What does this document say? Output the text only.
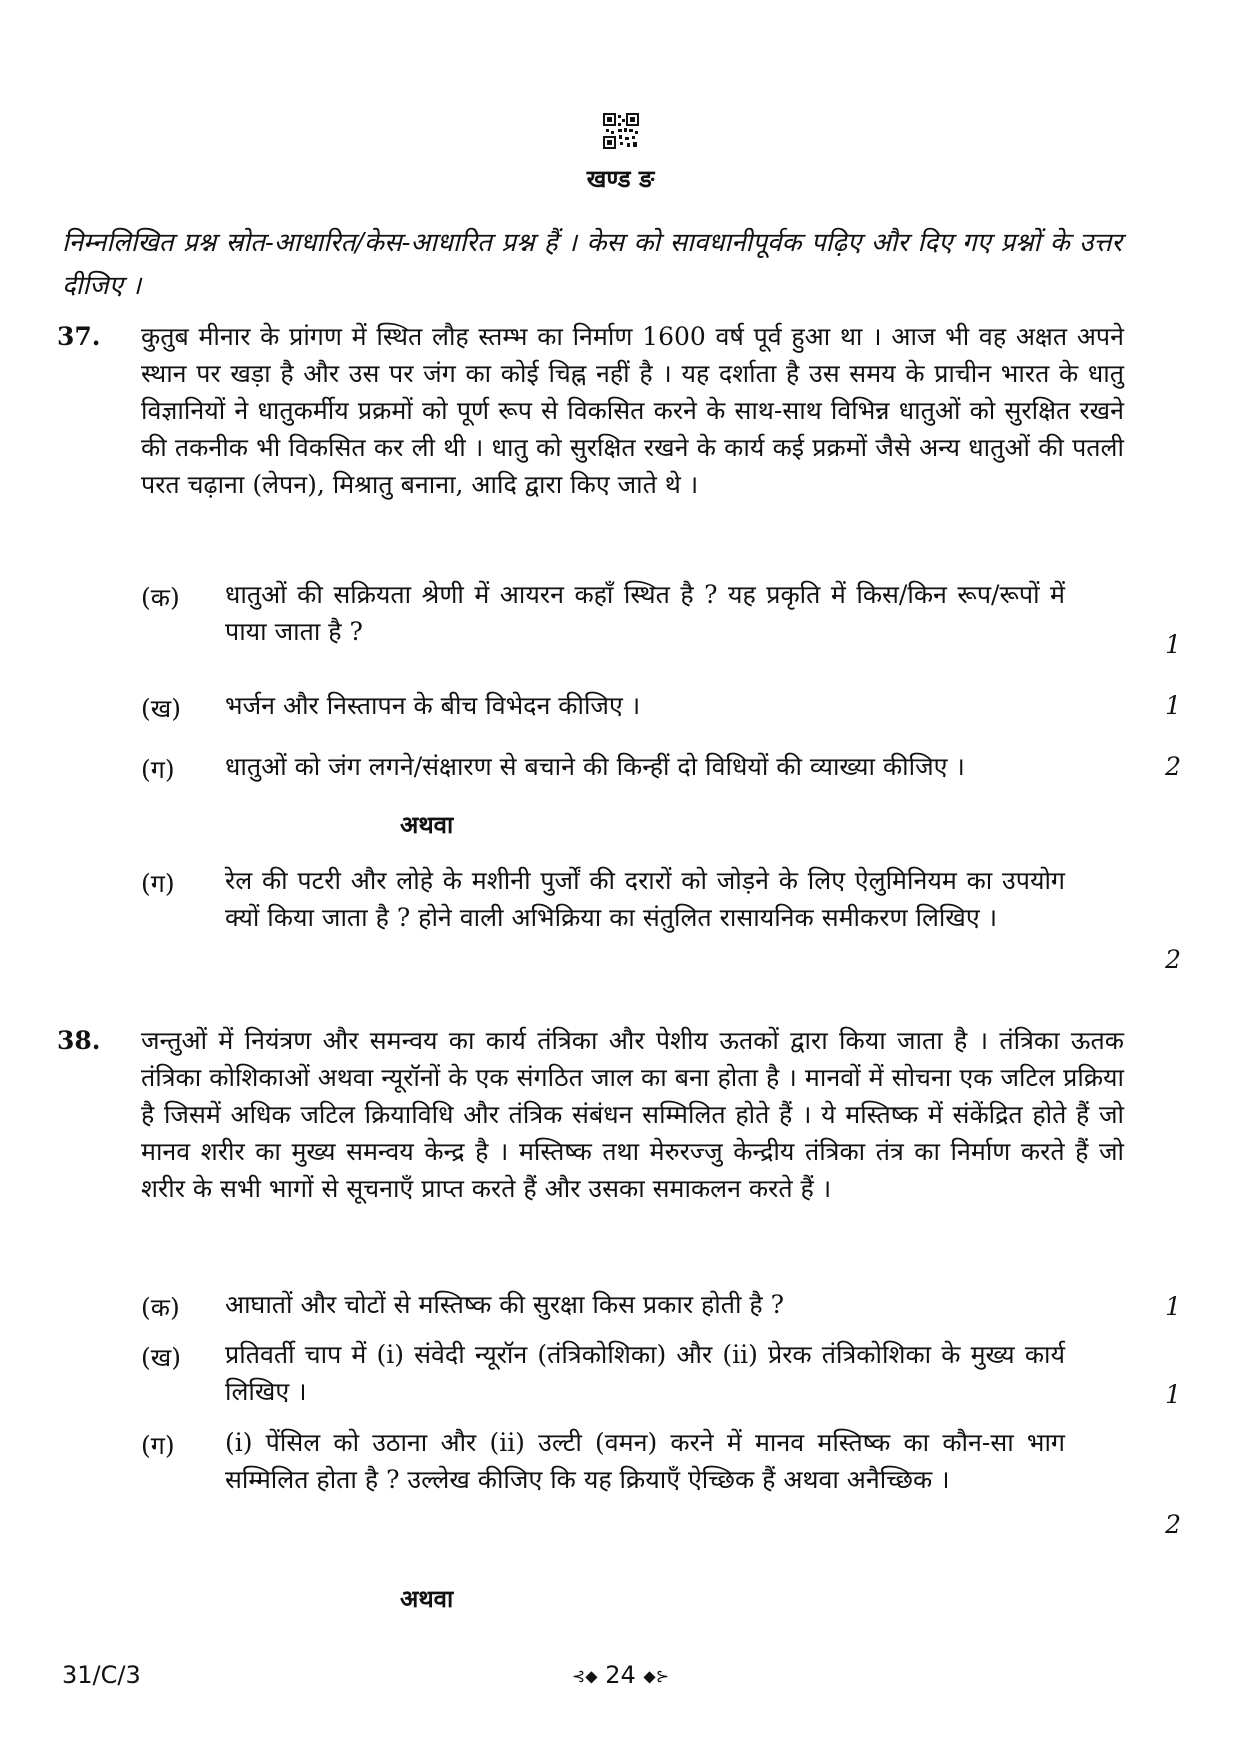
खण्ड ङ
निम्नलिखित प्रश्न स्रोत-आधारित/केस-आधारित प्रश्न हैं । केस को सावधानीपूर्वक पढ़िए और दिए गए प्रश्नों के उत्तर दीजिए ।
37. कुतुब मीनार के प्रांगण में स्थित लौह स्तम्भ का निर्माण 1600 वर्ष पूर्व हुआ था । आज भी वह अक्षत अपने स्थान पर खड़ा है और उस पर जंग का कोई चिह्न नहीं है । यह दर्शाता है उस समय के प्राचीन भारत के धातु विज्ञानियों ने धातुकर्मीय प्रक्रमों को पूर्ण रूप से विकसित करने के साथ-साथ विभिन्न धातुओं को सुरक्षित रखने की तकनीक भी विकसित कर ली थी । धातु को सुरक्षित रखने के कार्य कई प्रक्रमों जैसे अन्य धातुओं की पतली परत चढ़ाना (लेपन), मिश्रातु बनाना, आदि द्वारा किए जाते थे ।
(क) धातुओं की सक्रियता श्रेणी में आयरन कहाँ स्थित है ? यह प्रकृति में किस/किन रूप/रूपों में पाया जाता है ?	1
(ख) भर्जन और निस्तापन के बीच विभेदन कीजिए ।	1
(ग) धातुओं को जंग लगने/संक्षारण से बचाने की किन्हीं दो विधियों की व्याख्या कीजिए ।	2
अथवा
(ग) रेल की पटरी और लोहे के मशीनी पुर्जों की दरारों को जोड़ने के लिए ऐलुमिनियम का उपयोग क्यों किया जाता है ? होने वाली अभिक्रिया का संतुलित रासायनिक समीकरण लिखिए ।
2
38. जन्तुओं में नियंत्रण और समन्वय का कार्य तंत्रिका और पेशीय ऊतकों द्वारा किया जाता है । तंत्रिका ऊतक तंत्रिका कोशिकाओं अथवा न्यूरॉनों के एक संगठित जाल का बना होता है । मानवों में सोचना एक जटिल प्रक्रिया है जिसमें अधिक जटिल क्रियाविधि और तंत्रिक संबंधन सम्मिलित होते हैं । ये मस्तिष्क में संकेंद्रित होते हैं जो मानव शरीर का मुख्य समन्वय केन्द्र है । मस्तिष्क तथा मेरुरज्जु केन्द्रीय तंत्रिका तंत्र का निर्माण करते हैं जो शरीर के सभी भागों से सूचनाएँ प्राप्त करते हैं और उसका समाकलन करते हैं ।
(क) आघातों और चोटों से मस्तिष्क की सुरक्षा किस प्रकार होती है ?	1
(ख) प्रतिवर्ती चाप में (i) संवेदी न्यूरॉन (तंत्रिकोशिका) और (ii) प्रेरक तंत्रिकोशिका के मुख्य कार्य लिखिए ।	1
(ग) (i) पेंसिल को उठाना और (ii) उल्टी (वमन) करने में मानव मस्तिष्क का कौन-सा भाग सम्मिलित होता है ? उल्लेख कीजिए कि यह क्रियाएँ ऐच्छिक हैं अथवा अनैच्छिक ।
2
अथवा
31/C/3	⊰◆ 24 ◆⊱
